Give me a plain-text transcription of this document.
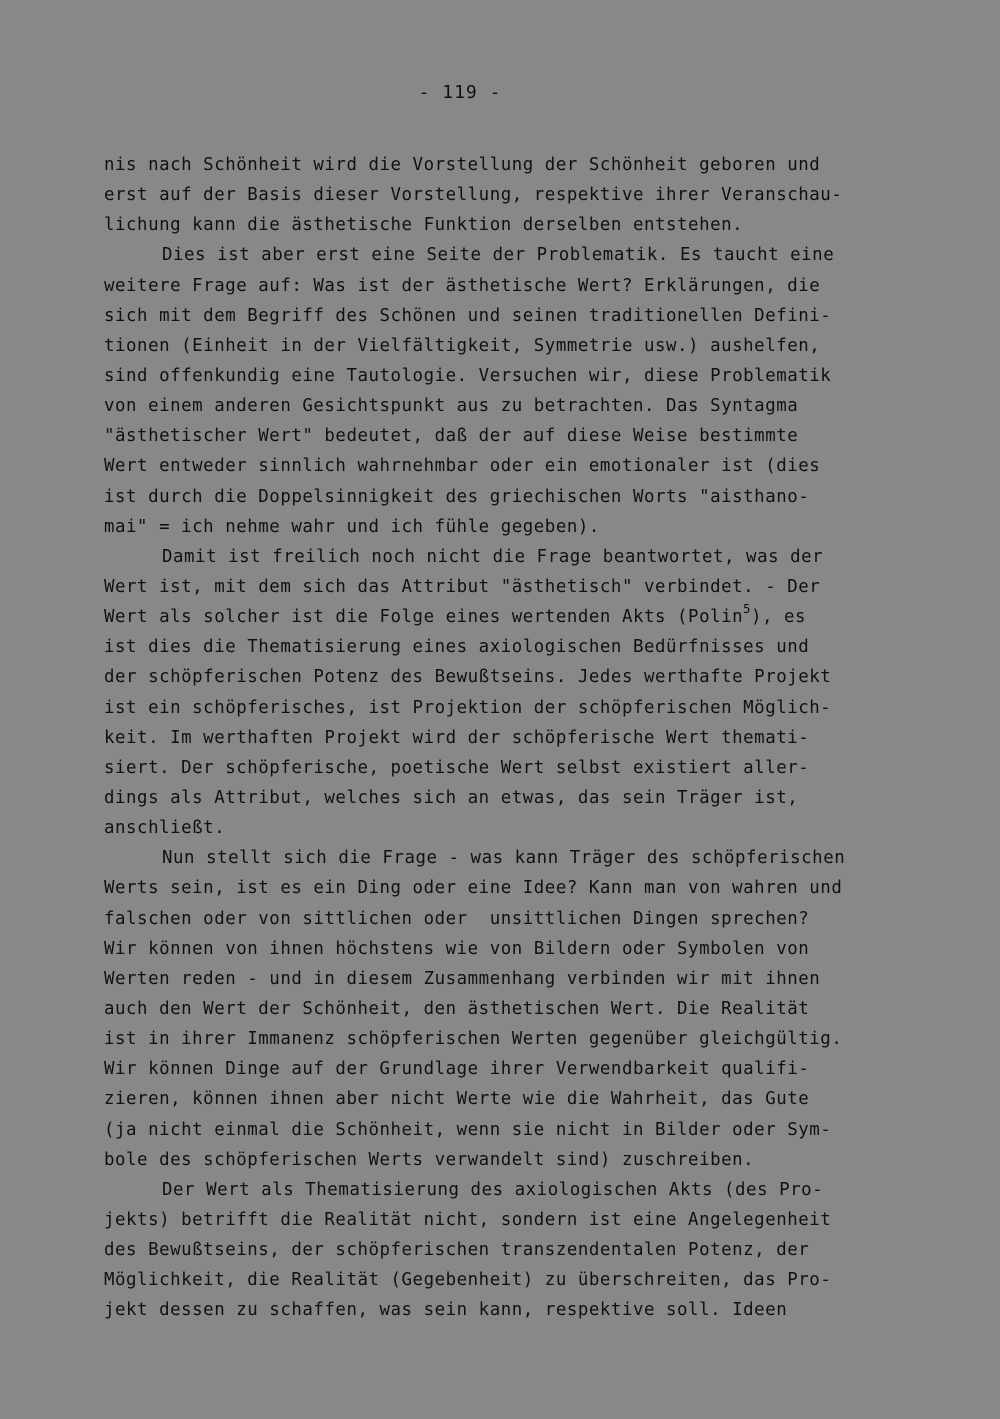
- 119 -
nis nach Schönheit wird die Vorstellung der Schönheit geboren und
erst auf der Basis dieser Vorstellung, respektive ihrer Veranschau-
lichung kann die ästhetische Funktion derselben entstehen.
Dies ist aber erst eine Seite der Problematik. Es taucht eine
weitere Frage auf: Was ist der ästhetische Wert? Erklärungen, die
sich mit dem Begriff des Schönen und seinen traditionellen Defini-
tionen (Einheit in der Vielfältigkeit, Symmetrie usw.) aushelfen,
sind offenkundig eine Tautologie. Versuchen wir, diese Problematik
von einem anderen Gesichtspunkt aus zu betrachten. Das Syntagma
"ästhetischer Wert" bedeutet, daß der auf diese Weise bestimmte
Wert entweder sinnlich wahrnehmbar oder ein emotionaler ist (dies
ist durch die Doppelsinnigkeit des griechischen Worts "aisthano-
mai" = ich nehme wahr und ich fühle gegeben).
Damit ist freilich noch nicht die Frage beantwortet, was der
Wert ist, mit dem sich das Attribut "ästhetisch" verbindet. - Der
Wert als solcher ist die Folge eines wertenden Akts (Polin$^5$), es
ist dies die Thematisierung eines axiologischen Bedürfnisses und
der schöpferischen Potenz des Bewußtseins. Jedes werthafte Projekt
ist ein schöpferisches, ist Projektion der schöpferischen Möglich-
keit. Im werthaften Projekt wird der schöpferische Wert themati-
siert. Der schöpferische, poetische Wert selbst existiert aller-
dings als Attribut, welches sich an etwas, das sein Träger ist,
anschließt.
Nun stellt sich die Frage - was kann Träger des schöpferischen
Werts sein, ist es ein Ding oder eine Idee? Kann man von wahren und
falschen oder von sittlichen oder  unsittlichen Dingen sprechen?
Wir können von ihnen höchstens wie von Bildern oder Symbolen von
Werten reden - und in diesem Zusammenhang verbinden wir mit ihnen
auch den Wert der Schönheit, den ästhetischen Wert. Die Realität
ist in ihrer Immanenz schöpferischen Werten gegenüber gleichgültig.
Wir können Dinge auf der Grundlage ihrer Verwendbarkeit qualifi-
zieren, können ihnen aber nicht Werte wie die Wahrheit, das Gute
(ja nicht einmal die Schönheit, wenn sie nicht in Bilder oder Sym-
bole des schöpferischen Werts verwandelt sind) zuschreiben.
Der Wert als Thematisierung des axiologischen Akts (des Pro-
jekts) betrifft die Realität nicht, sondern ist eine Angelegenheit
des Bewußtseins, der schöpferischen transzendentalen Potenz, der
Möglichkeit, die Realität (Gegebenheit) zu überschreiten, das Pro-
jekt dessen zu schaffen, was sein kann, respektive soll. Ideen
